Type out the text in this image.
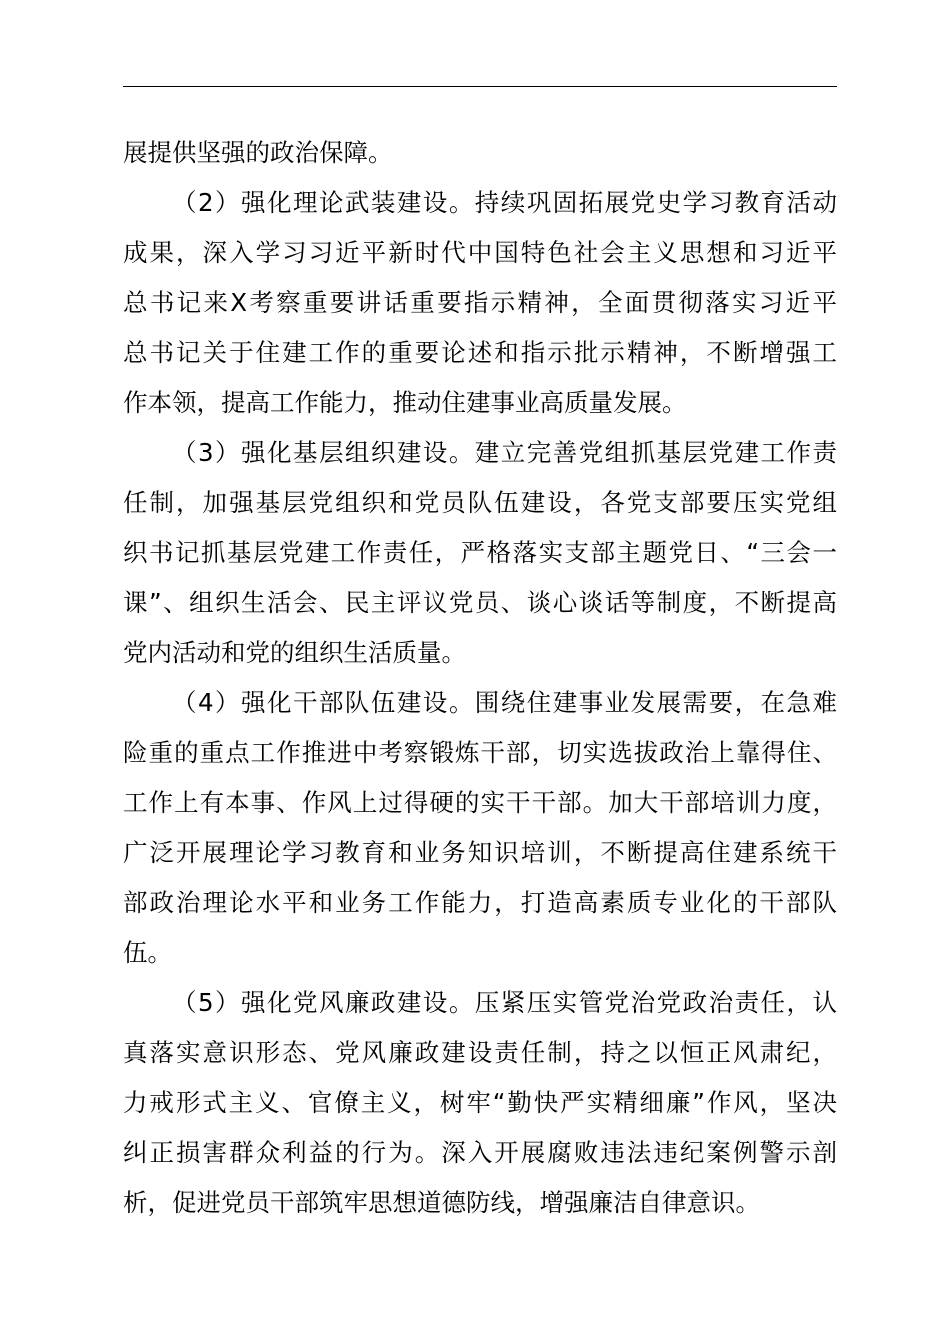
展提供坚强的政治保障。
（2）强化理论武装建设。持续巩固拓展党史学习教育活动
成果，深入学习习近平新时代中国特色社会主义思想和习近平
总书记来X考察重要讲话重要指示精神，全面贯彻落实习近平
总书记关于住建工作的重要论述和指示批示精神，不断增强工
作本领，提高工作能力，推动住建事业高质量发展。
（3）强化基层组织建设。建立完善党组抓基层党建工作责
任制，加强基层党组织和党员队伍建设，各党支部要压实党组
织书记抓基层党建工作责任，严格落实支部主题党日、“三会一
课”、组织生活会、民主评议党员、谈心谈话等制度，不断提高
党内活动和党的组织生活质量。
（4）强化干部队伍建设。围绕住建事业发展需要，在急难
险重的重点工作推进中考察锻炼干部，切实选拔政治上靠得住、
工作上有本事、作风上过得硬的实干干部。加大干部培训力度，
广泛开展理论学习教育和业务知识培训，不断提高住建系统干
部政治理论水平和业务工作能力，打造高素质专业化的干部队
伍。
（5）强化党风廉政建设。压紧压实管党治党政治责任，认
真落实意识形态、党风廉政建设责任制，持之以恒正风肃纪，
力戒形式主义、官僚主义，树牢“勤快严实精细廉”作风，坚决
纠正损害群众利益的行为。深入开展腐败违法违纪案例警示剖
析，促进党员干部筑牢思想道德防线，增强廉洁自律意识。
